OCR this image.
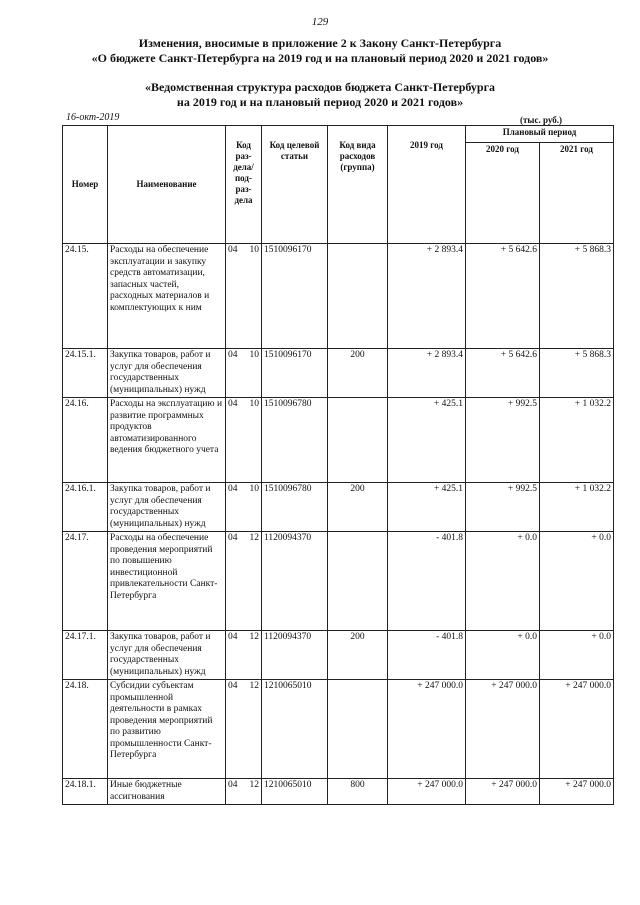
129
Изменения, вносимые в приложение 2 к Закону Санкт-Петербурга
«О бюджете Санкт-Петербурга на 2019 год и на плановый период 2020 и 2021 годов»
«Ведомственная структура расходов бюджета Санкт-Петербурга
на 2019 год и на плановый период 2020 и 2021 годов»
16-окт-2019	(тыс. руб.)
Номер	Наименование	Код раз-дела/ под-раз-дела		Код целевой статьи	Код вида расходов (группа)	2019 год	Плановый период	
							2020 год	2021 год
24.15.	Расходы на обеспечение эксплуатации и закупку средств автоматизации, запасных частей, расходных материалов и комплектующих к ним	04	10	1510096170		+ 2 893.4	+ 5 642.6	+ 5 868.3
24.15.1.	Закупка товаров, работ и услуг для обеспечения государственных (муниципальных) нужд	04	10	1510096170	200	+ 2 893.4	+ 5 642.6	+ 5 868.3
24.16.	Расходы на эксплуатацию и развитие программных продуктов автоматизированного ведения бюджетного учета	04	10	1510096780		+ 425.1	+ 992.5	+ 1 032.2
24.16.1.	Закупка товаров, работ и услуг для обеспечения государственных (муниципальных) нужд	04	10	1510096780	200	+ 425.1	+ 992.5	+ 1 032.2
24.17.	Расходы на обеспечение проведения мероприятий по повышению инвестиционной привлекательности Санкт-Петербурга	04	12	1120094370		- 401.8	+ 0.0	+ 0.0
24.17.1.	Закупка товаров, работ и услуг для обеспечения государственных (муниципальных) нужд	04	12	1120094370	200	- 401.8	+ 0.0	+ 0.0
24.18.	Субсидии субъектам промышленной деятельности в рамках проведения мероприятий по развитию промышленности Санкт-Петербурга	04	12	1210065010		+ 247 000.0	+ 247 000.0	+ 247 000.0
24.18.1.	Иные бюджетные ассигнования	04	12	1210065010	800	+ 247 000.0	+ 247 000.0	+ 247 000.0
